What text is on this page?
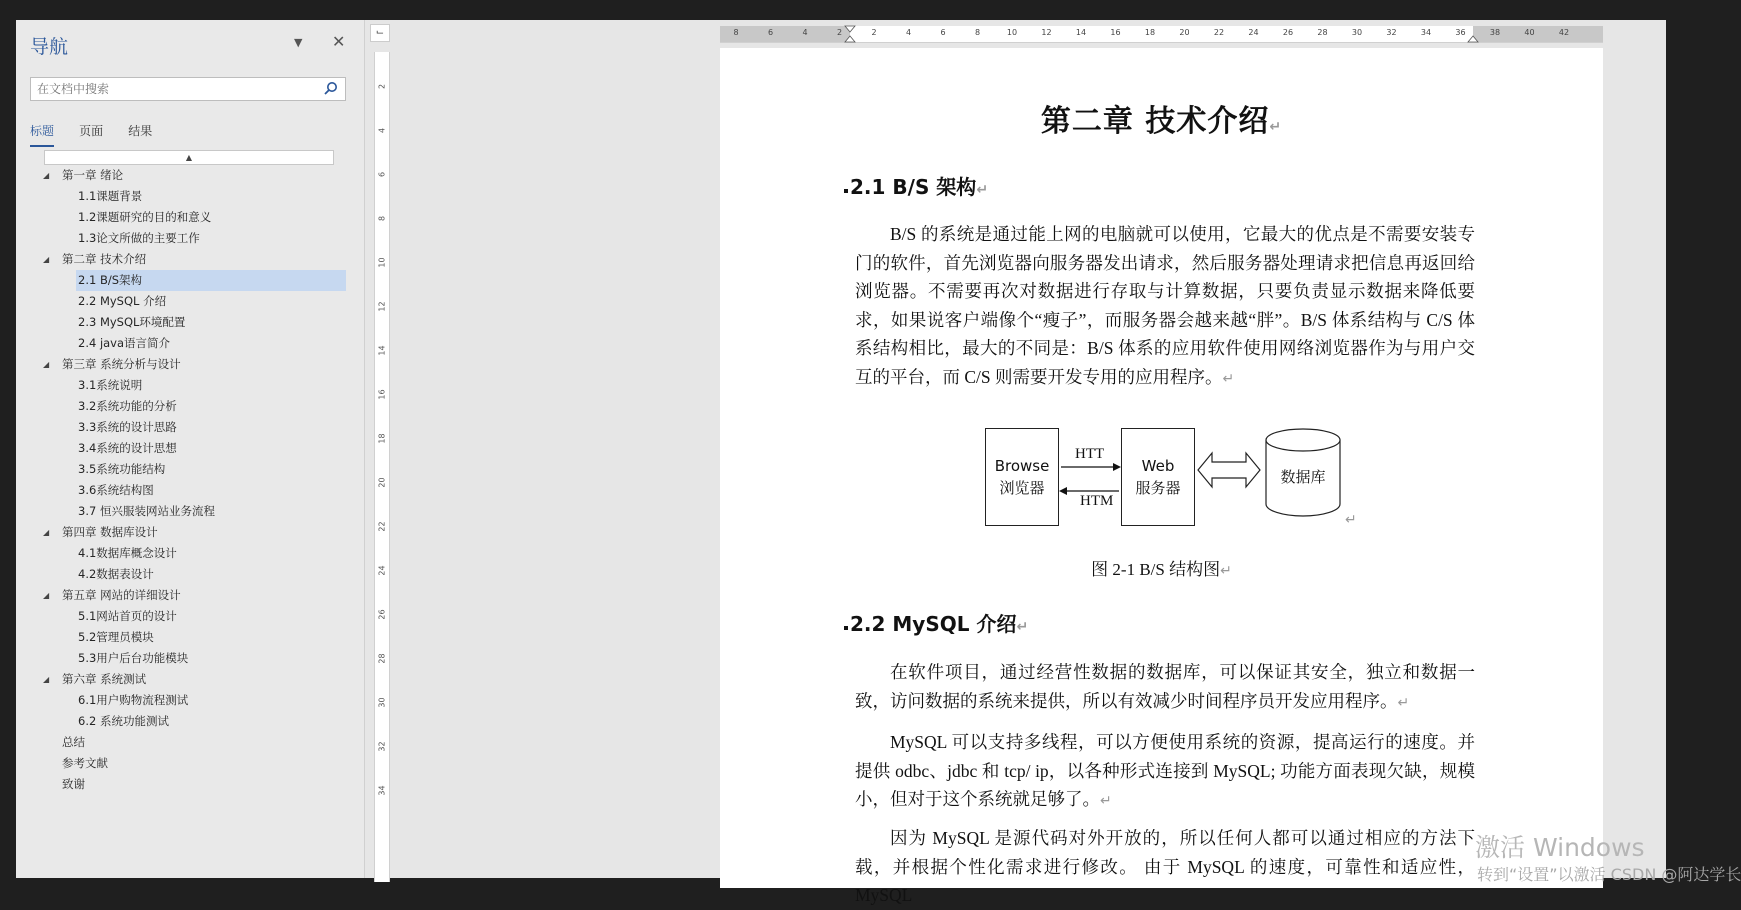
导航	▼ ✕
在文档中搜索
标题 页面 结果
▲
◢ 第一章 绪论
1.1课题背景
1.2课题研究的目的和意义
1.3论文所做的主要工作
◢ 第二章 技术介绍
2.1 B/S架构
2.2 MySQL 介绍
2.3 MySQL环境配置
2.4 java语言简介
◢ 第三章 系统分析与设计
3.1系统说明
3.2系统功能的分析
3.3系统的设计思路
3.4系统的设计思想
3.5系统功能结构
3.6系统结构图
3.7 恒兴服装网站业务流程
◢ 第四章 数据库设计
4.1数据库概念设计
4.2数据表设计
◢ 第五章 网站的详细设计
5.1网站首页的设计
5.2管理员模块
5.3用户后台功能模块
◢ 第六章 系统测试
6.1用户购物流程测试
6.2 系统功能测试
总结
参考文献
致谢
⌙
2
4
6
8
10
12
14
16
18
20
22
24
26
28
30
32
34
8	6	4	2	2	4	6	8	10	12	14	16	18	20	22	24	26	28	30	32	34	36	38	40	42
第二章 技术介绍↵
2.1 B/S 架构↵
B/S 的系统是通过能上网的电脑就可以使用，它最大的优点是不需要安装专门的软件，首先浏览器向服务器发出请求，然后服务器处理请求把信息再返回给浏览器。不需要再次对数据进行存取与计算数据，只要负责显示数据来降低要求，如果说客户端像个“瘦子”，而服务器会越来越“胖”。B/S 体系结构与 C/S 体系结构相比，最大的不同是：B/S 体系的应用软件使用网络浏览器作为与用户交互的平台，而 C/S 则需要开发专用的应用程序。↵
Browse
浏览器
HTT
HTM
Web
服务器
数据库
↵
图 2-1 B/S 结构图↵
2.2 MySQL 介绍↵
在软件项目，通过经营性数据的数据库，可以保证其安全，独立和数据一致，访问数据的系统来提供，所以有效减少时间程序员开发应用程序。↵
MySQL 可以支持多线程，可以方便使用系统的资源，提高运行的速度。并提供 odbc、jdbc 和 tcp/ ip，以各种形式连接到 MySQL; 功能方面表现欠缺，规模小，但对于这个系统就足够了。↵
因为 MySQL 是源代码对外开放的，所以任何人都可以通过相应的方法下载，并根据个性化需求进行修改。 由于 MySQL 的速度，可靠性和适应性，MySQL
激活 Windows
转到“设置”以激活 CSDN @阿达学长
